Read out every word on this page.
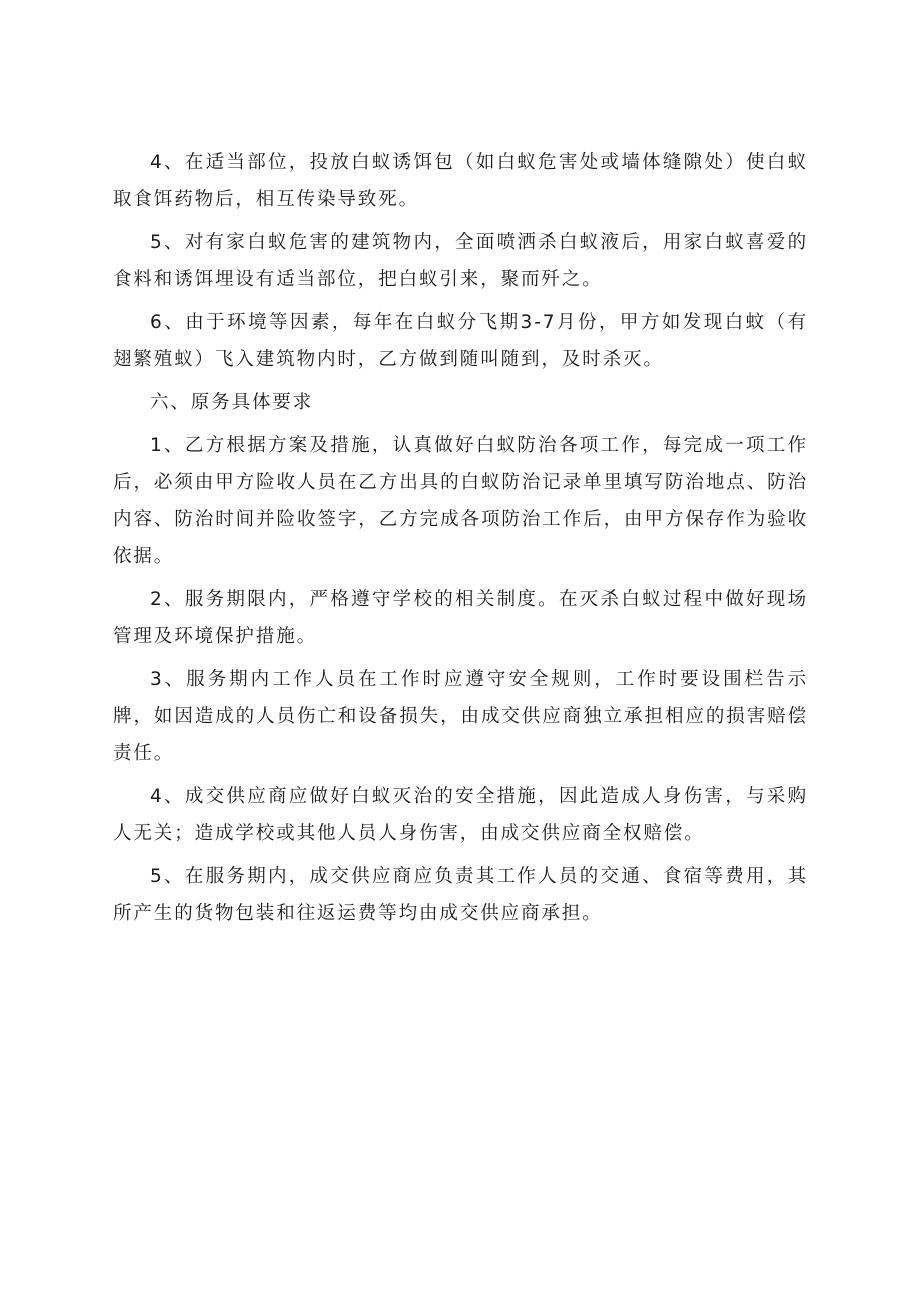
4、在适当部位，投放白蚁诱饵包（如白蚁危害处或墙体缝隙处）使白蚁取食饵药物后，相互传染导致死。

5、对有家白蚁危害的建筑物内，全面喷洒杀白蚁液后，用家白蚁喜爱的食料和诱饵埋设有适当部位，把白蚁引来，聚而歼之。

6、由于环境等因素，每年在白蚁分飞期3-7月份，甲方如发现白蚊（有翅繁殖蚁）飞入建筑物内时，乙方做到随叫随到，及时杀灭。

六、原务具体要求

1、乙方根据方案及措施，认真做好白蚁防治各项工作，每完成一项工作后，必须由甲方险收人员在乙方出具的白蚁防治记录单里填写防治地点、防治内容、防治时间并险收签字，乙方完成各项防治工作后，由甲方保存作为验收依据。

2、服务期限内，严格遵守学校的相关制度。在灭杀白蚁过程中做好现场管理及环境保护措施。

3、服务期内工作人员在工作时应遵守安全规则，工作时要设围栏告示牌，如因造成的人员伤亡和设备损失，由成交供应商独立承担相应的损害赔偿责任。

4、成交供应商应做好白蚁灭治的安全措施，因此造成人身伤害，与采购人无关；造成学校或其他人员人身伤害，由成交供应商全权赔偿。

5、在服务期内，成交供应商应负责其工作人员的交通、食宿等费用，其所产生的货物包装和往返运费等均由成交供应商承担。
